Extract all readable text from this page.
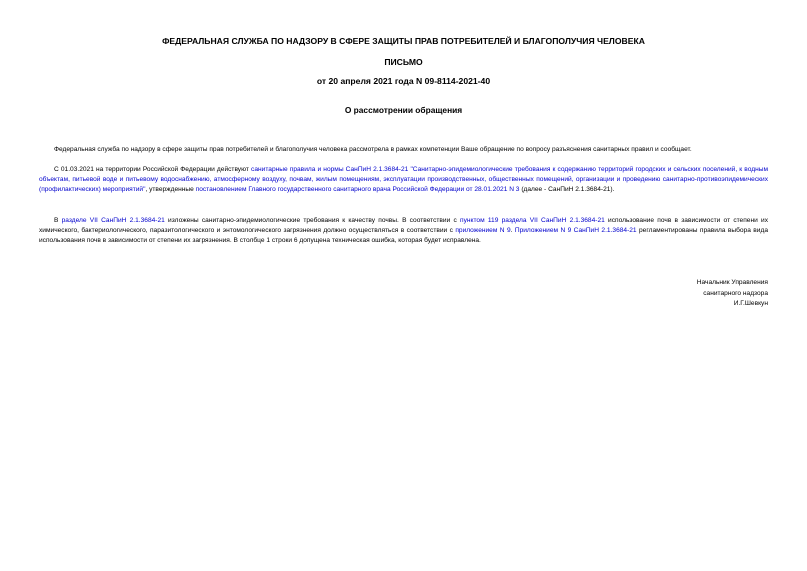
ФЕДЕРАЛЬНАЯ СЛУЖБА ПО НАДЗОРУ В СФЕРЕ ЗАЩИТЫ ПРАВ ПОТРЕБИТЕЛЕЙ И БЛАГОПОЛУЧИЯ ЧЕЛОВЕКА
ПИСЬМО
от 20 апреля 2021 года N 09-8114-2021-40
О рассмотрении обращения
Федеральная служба по надзору в сфере защиты прав потребителей и благополучия человека рассмотрела в рамках компетенции Ваше обращение по вопросу разъяснения санитарных правил и сообщает.
С 01.03.2021 на территории Российской Федерации действуют санитарные правила и нормы СанПиН 2.1.3684-21 "Санитарно-эпидемиологические требования к содержанию территорий городских и сельских поселений, к водным объектам, питьевой воде и питьевому водоснабжению, атмосферному воздуху, почвам, жилым помещениям, эксплуатации производственных, общественных помещений, организации и проведению санитарно-противоэпидемических (профилактических) мероприятий", утвержденные постановлением Главного государственного санитарного врача Российской Федерации от 28.01.2021 N 3 (далее - СанПиН 2.1.3684-21).
В разделе VII СанПиН 2.1.3684-21 изложены санитарно-эпидемиологические требования к качеству почвы. В соответствии с пунктом 119 раздела VII СанПиН 2.1.3684-21 использование почв в зависимости от степени их химического, бактериологического, паразитологического и энтомологического загрязнения должно осуществляться в соответствии с приложением N 9. Приложением N 9 СанПиН 2.1.3684-21 регламентированы правила выбора вида использования почв в зависимости от степени их загрязнения. В столбце 1 строки 6 допущена техническая ошибка, которая будет исправлена.
Начальник Управления
санитарного надзора
И.Г.Шевкун
